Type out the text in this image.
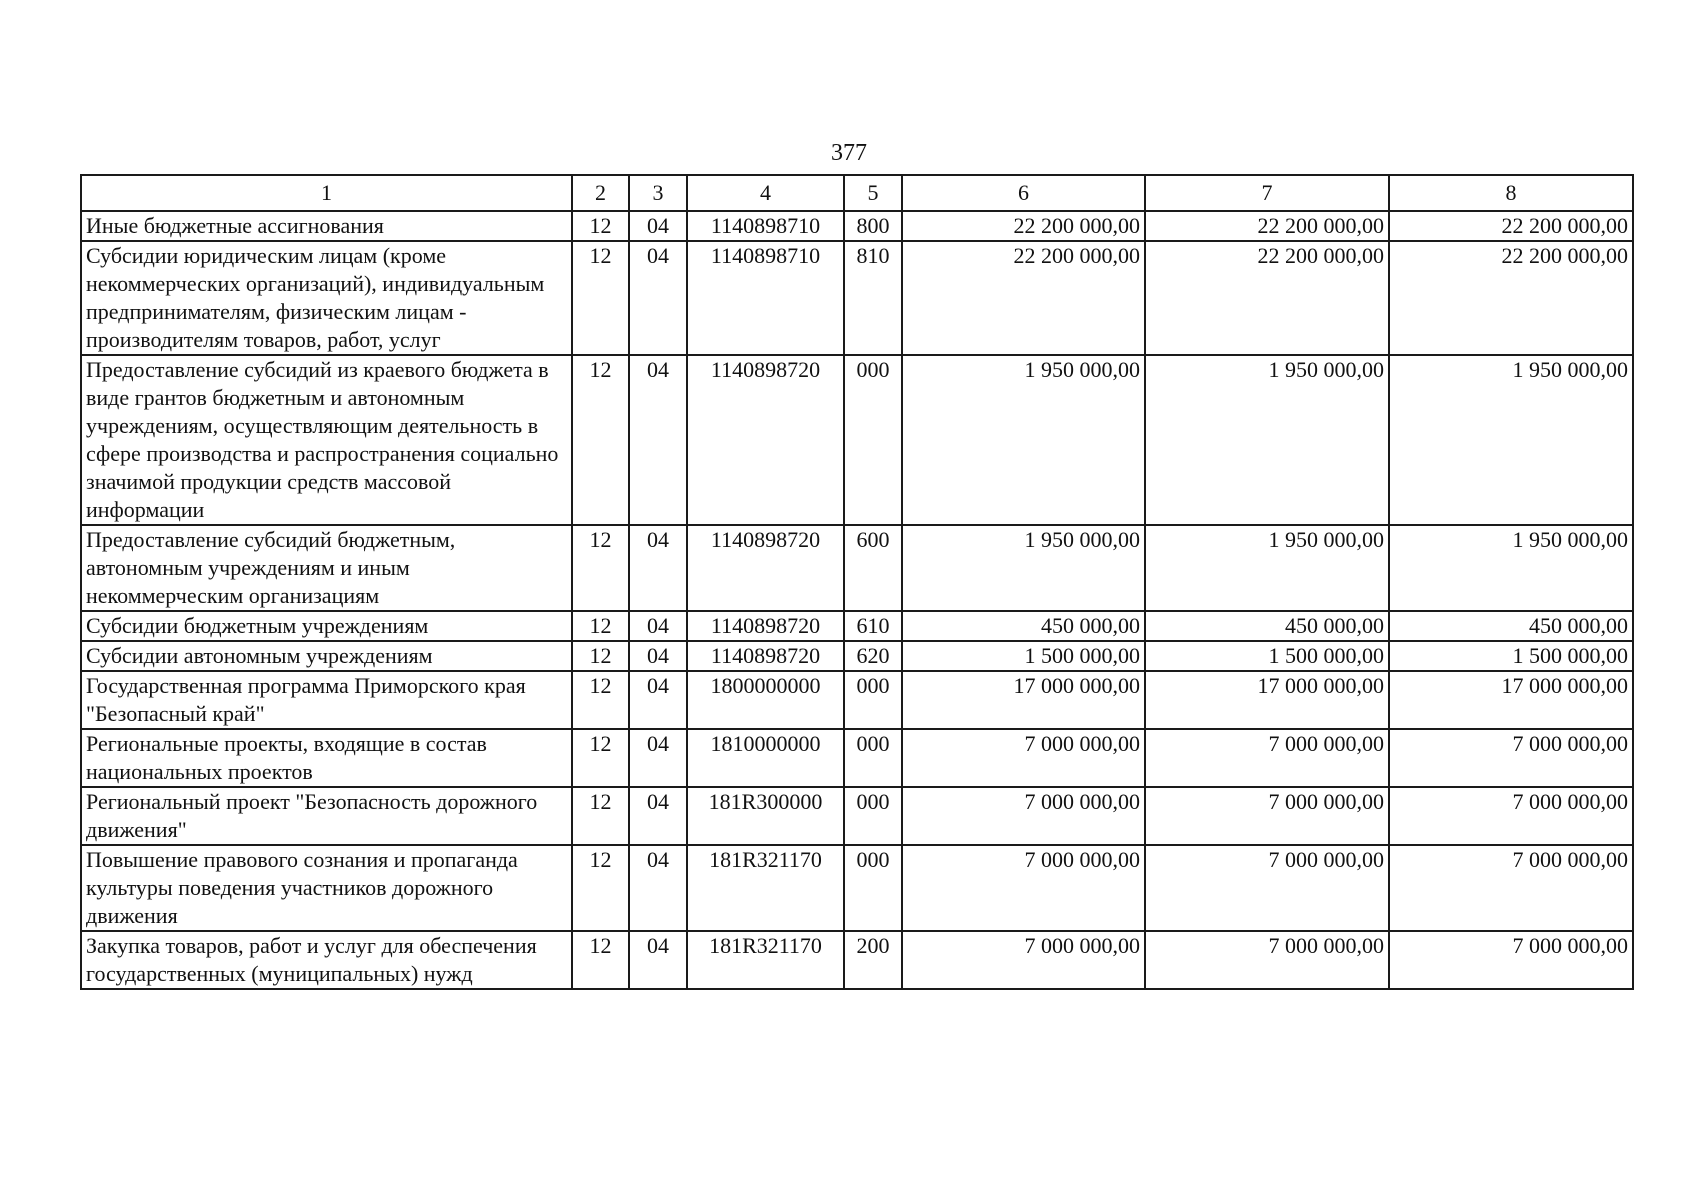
377
1	2	3	4	5	6	7	8
Иные бюджетные ассигнования	12	04	1140898710	800	22 200 000,00	22 200 000,00	22 200 000,00
Субсидии юридическим лицам (кроме некоммерческих организаций), индивидуальным предпринимателям, физическим лицам - производителям товаров, работ, услуг	12	04	1140898710	810	22 200 000,00	22 200 000,00	22 200 000,00
Предоставление субсидий из краевого бюджета в виде грантов бюджетным и автономным учреждениям, осуществляющим деятельность в сфере производства и распространения социально значимой продукции средств массовой информации	12	04	1140898720	000	1 950 000,00	1 950 000,00	1 950 000,00
Предоставление субсидий бюджетным, автономным учреждениям и иным некоммерческим организациям	12	04	1140898720	600	1 950 000,00	1 950 000,00	1 950 000,00
Субсидии бюджетным учреждениям	12	04	1140898720	610	450 000,00	450 000,00	450 000,00
Субсидии автономным учреждениям	12	04	1140898720	620	1 500 000,00	1 500 000,00	1 500 000,00
Государственная программа Приморского края "Безопасный край"	12	04	1800000000	000	17 000 000,00	17 000 000,00	17 000 000,00
Региональные проекты, входящие в состав национальных проектов	12	04	1810000000	000	7 000 000,00	7 000 000,00	7 000 000,00
Региональный проект "Безопасность дорожного движения"	12	04	181R300000	000	7 000 000,00	7 000 000,00	7 000 000,00
Повышение правового сознания и пропаганда культуры поведения участников дорожного движения	12	04	181R321170	000	7 000 000,00	7 000 000,00	7 000 000,00
Закупка товаров, работ и услуг для обеспечения государственных (муниципальных) нужд	12	04	181R321170	200	7 000 000,00	7 000 000,00	7 000 000,00
